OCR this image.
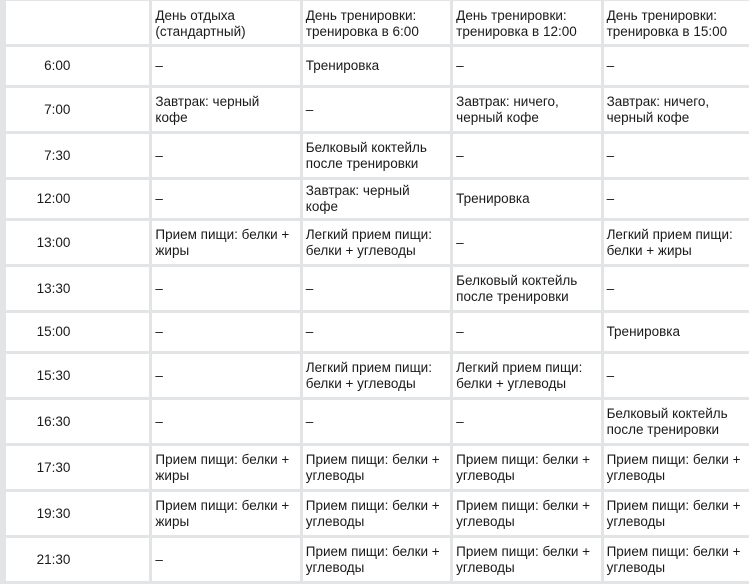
	День отдыха
(стандартный)	День тренировки:
тренировка в 6:00	День тренировки:
тренировка в 12:00	День тренировки:
тренировка в 15:00
6:00	–	Тренировка	–	–
7:00	Завтрак: черный
кофе	–	Завтрак: ничего,
черный кофе	Завтрак: ничего,
черный кофе
7:30	–	Белковый коктейль
после тренировки	–	–
12:00	–	Завтрак: черный
кофе	Тренировка	–
13:00	Прием пищи: белки +
жиры	Легкий прием пищи:
белки + углеводы	–	Легкий прием пищи:
белки + жиры
13:30	–	–	Белковый коктейль
после тренировки	–
15:00	–	–	–	Тренировка
15:30	–	Легкий прием пищи:
белки + углеводы	Легкий прием пищи:
белки + углеводы	–
16:30	–	–	–	Белковый коктейль
после тренировки
17:30	Прием пищи: белки +
жиры	Прием пищи: белки +
углеводы	Прием пищи: белки +
углеводы	Прием пищи: белки +
углеводы
19:30	Прием пищи: белки +
жиры	Прием пищи: белки +
углеводы	Прием пищи: белки +
углеводы	Прием пищи: белки +
углеводы
21:30	–	Прием пищи: белки +
углеводы	Прием пищи: белки +
углеводы	Прием пищи: белки +
углеводы
